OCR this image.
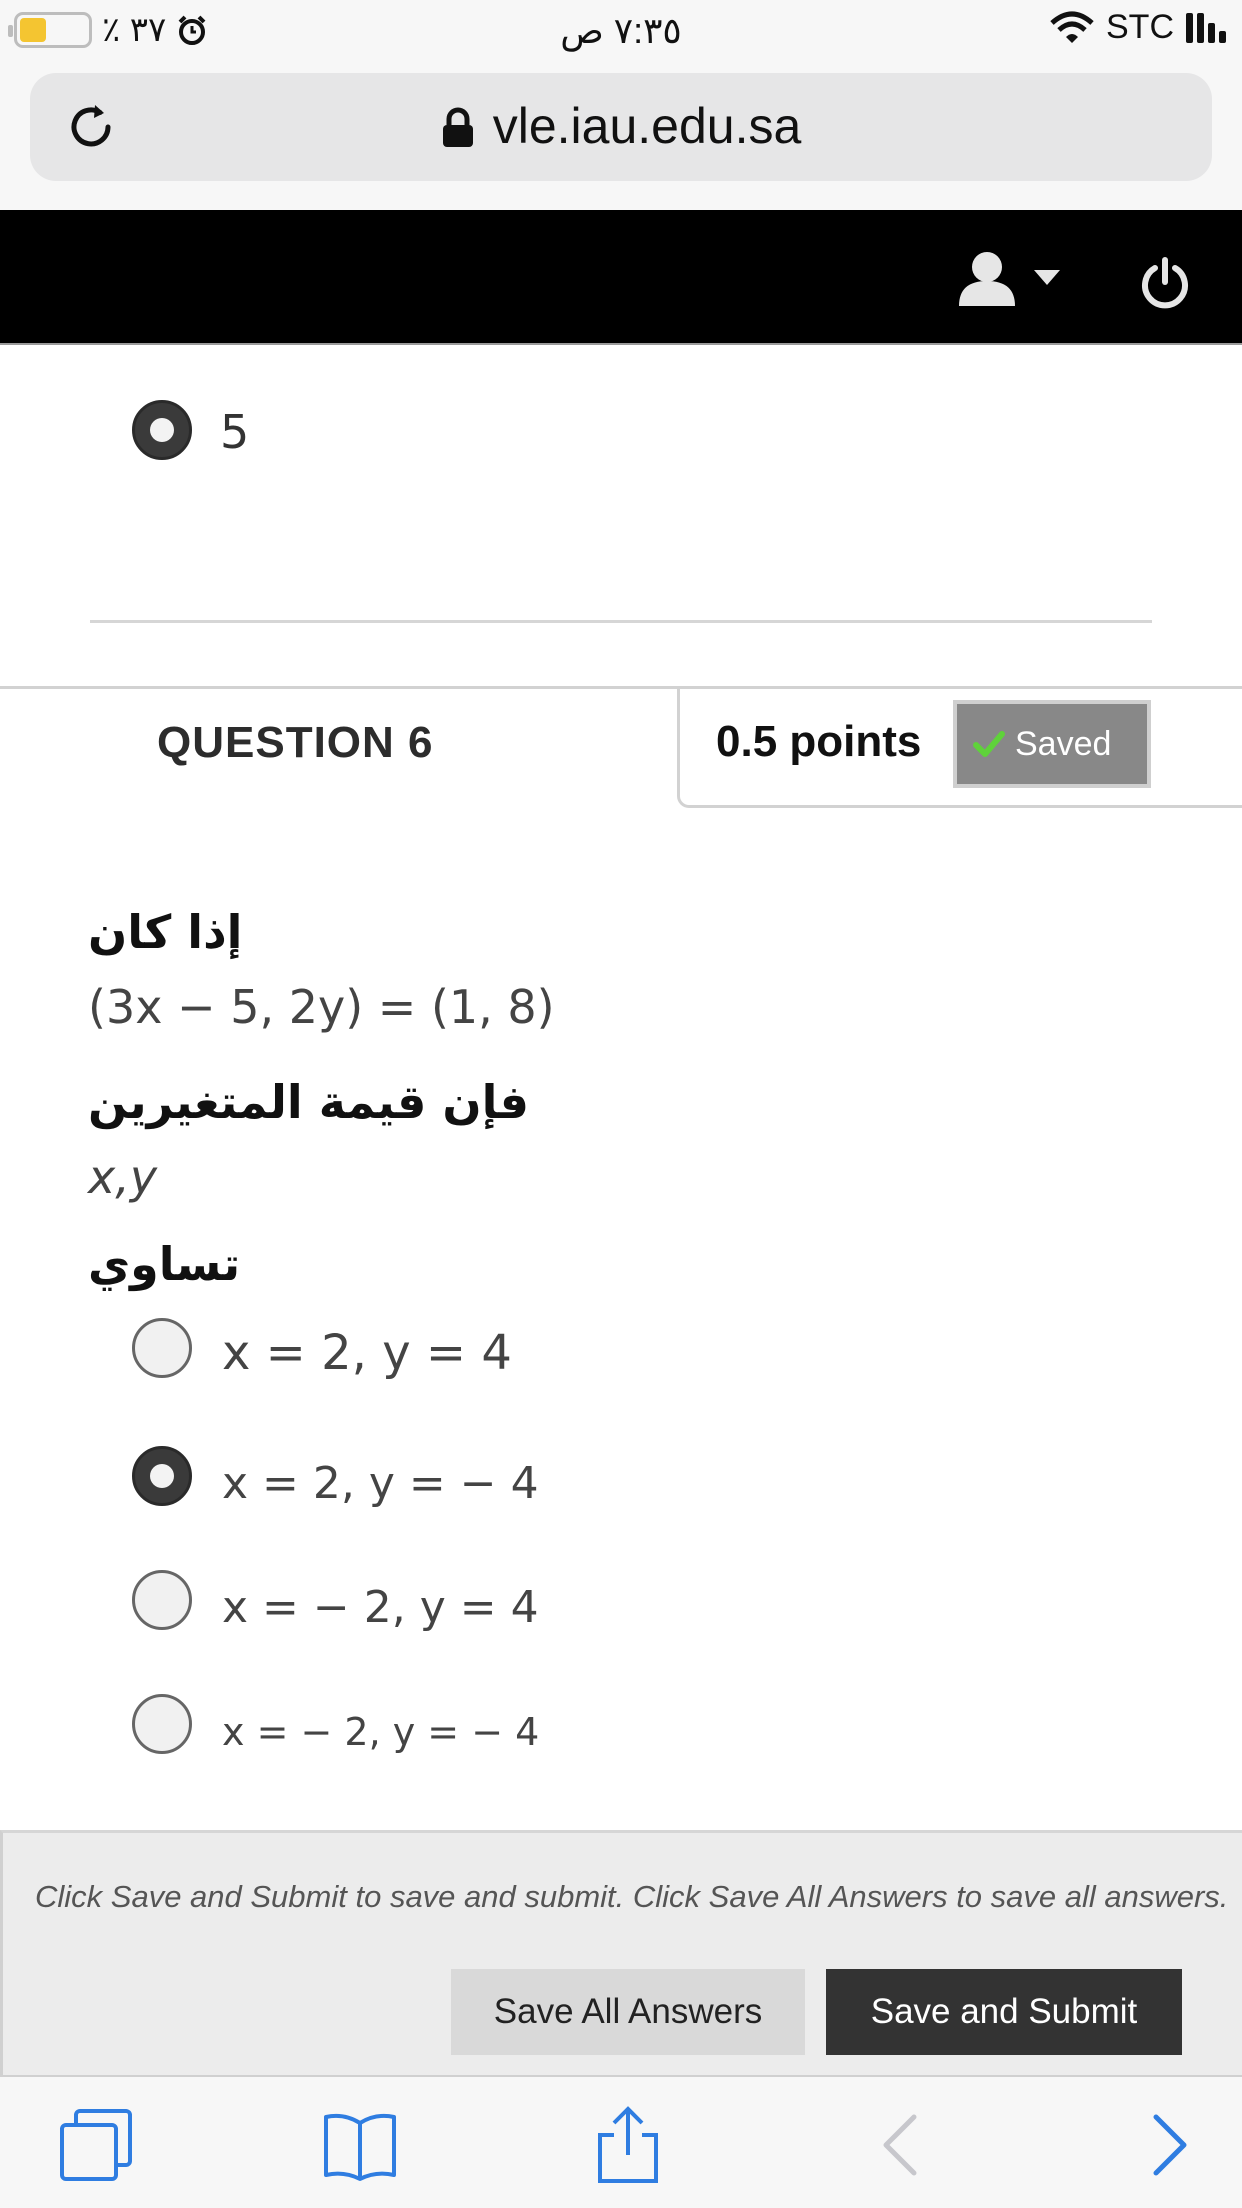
٪ ٣٧	٧:٣٥ ص	STC
vle.iau.edu.sa
5
QUESTION 6	0.5 points	Saved
إذا كان
(3x − 5, 2y) = (1, 8)
فإن قيمة المتغيرين
x,y
تساوي
x = 2, y = 4
x = 2, y = − 4
x = − 2, y = 4
x = − 2, y = − 4
Click Save and Submit to save and submit. Click Save All Answers to save all answers.
Save All Answers	Save and Submit
